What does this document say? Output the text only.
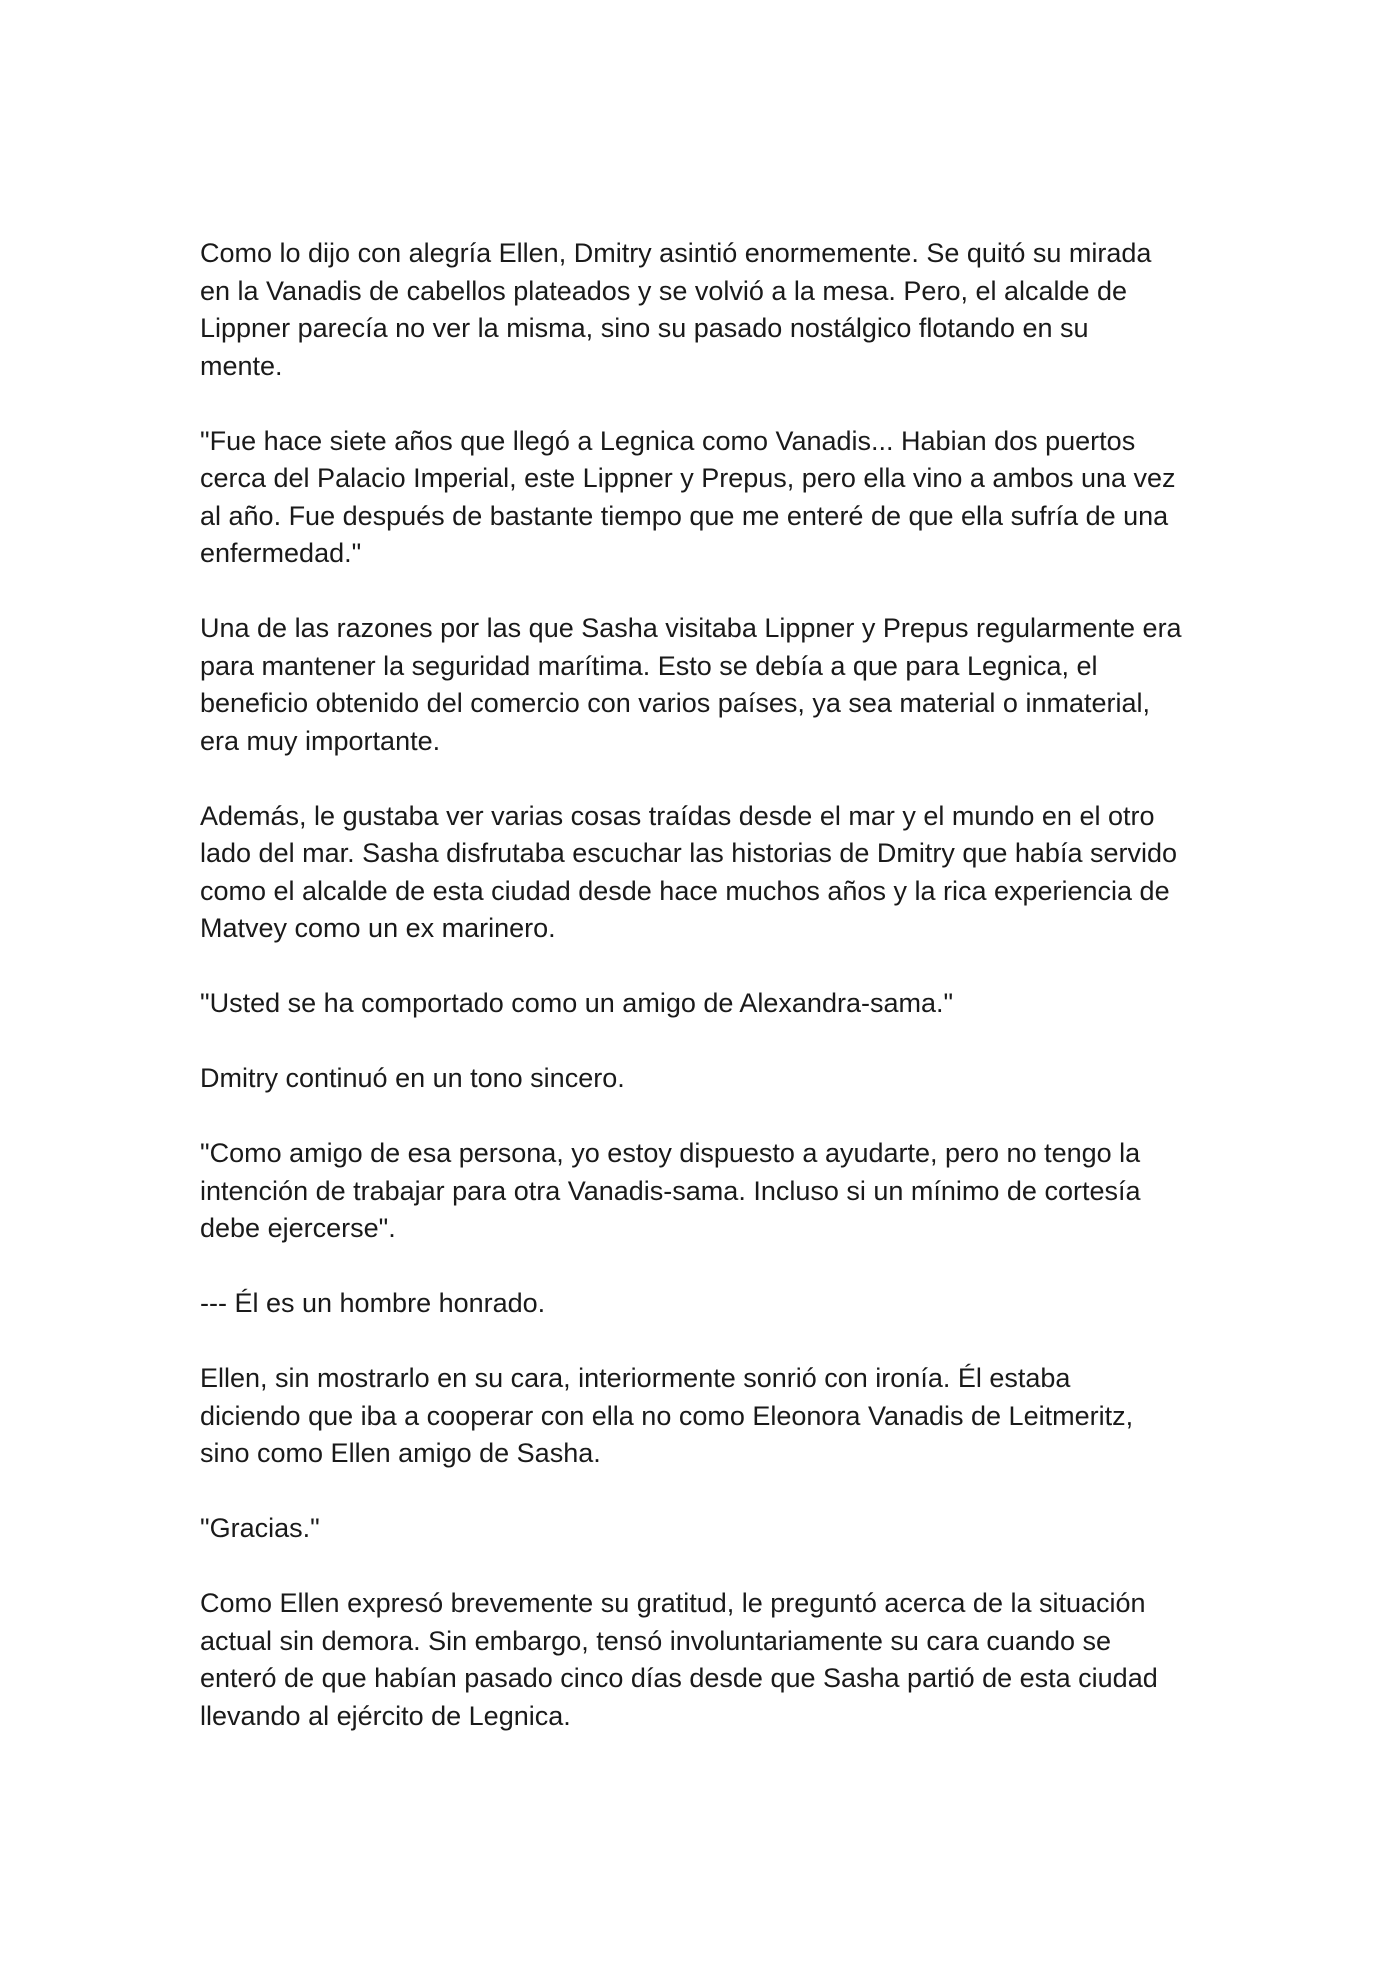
Como lo dijo con alegría Ellen, Dmitry asintió enormemente. Se quitó su mirada
en la Vanadis de cabellos plateados y se volvió a la mesa. Pero, el alcalde de
Lippner parecía no ver la misma, sino su pasado nostálgico flotando en su
mente.

"Fue hace siete años que llegó a Legnica como Vanadis... Habian dos puertos
cerca del Palacio Imperial, este Lippner y Prepus, pero ella vino a ambos una vez
al año. Fue después de bastante tiempo que me enteré de que ella sufría de una
enfermedad."

Una de las razones por las que Sasha visitaba Lippner y Prepus regularmente era
para mantener la seguridad marítima. Esto se debía a que para Legnica, el
beneficio obtenido del comercio con varios países, ya sea material o inmaterial,
era muy importante.

Además, le gustaba ver varias cosas traídas desde el mar y el mundo en el otro
lado del mar. Sasha disfrutaba escuchar las historias de Dmitry que había servido
como el alcalde de esta ciudad desde hace muchos años y la rica experiencia de
Matvey como un ex marinero.

"Usted se ha comportado como un amigo de Alexandra-sama."

Dmitry continuó en un tono sincero.

"Como amigo de esa persona, yo estoy dispuesto a ayudarte, pero no tengo la
intención de trabajar para otra Vanadis-sama. Incluso si un mínimo de cortesía
debe ejercerse".

--- Él es un hombre honrado.

Ellen, sin mostrarlo en su cara, interiormente sonrió con ironía. Él estaba
diciendo que iba a cooperar con ella no como Eleonora Vanadis de Leitmeritz,
sino como Ellen amigo de Sasha.

"Gracias."

Como Ellen expresó brevemente su gratitud, le preguntó acerca de la situación
actual sin demora. Sin embargo, tensó involuntariamente su cara cuando se
enteró de que habían pasado cinco días desde que Sasha partió de esta ciudad
llevando al ejército de Legnica.
